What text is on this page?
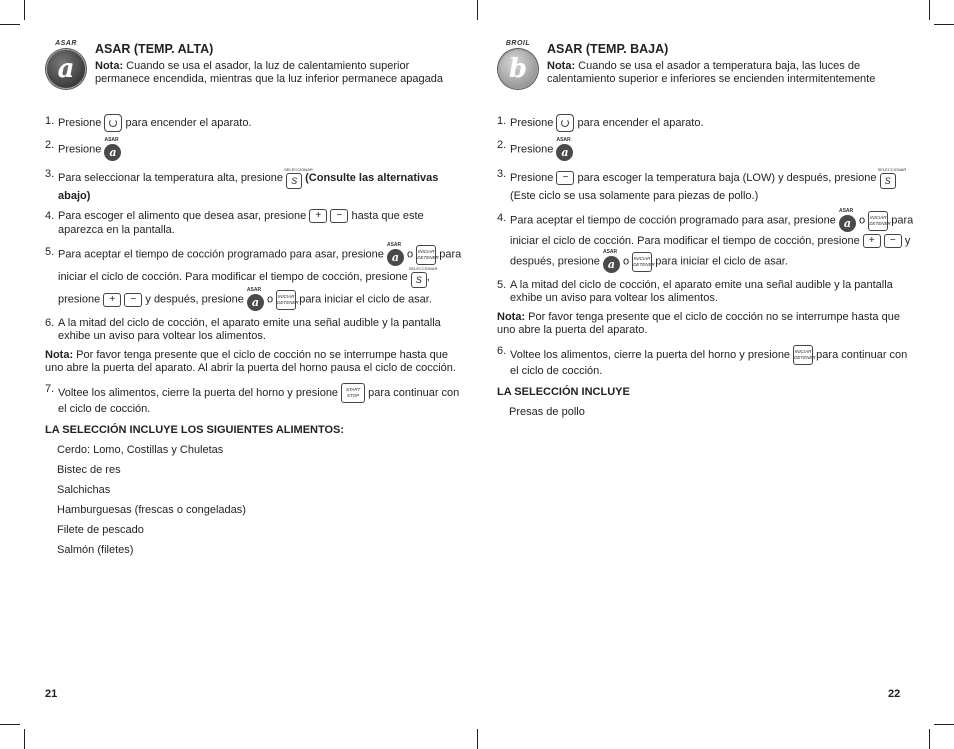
ASAR
a
ASAR (TEMP. ALTA)
Nota: Cuando se usa el asador, la luz de calentamiento superior permanece encendida, mientras que la luz inferior permanece apagada
1. Presione  para encender el aparato.
2. Presione ASAR a
3. Para seleccionar la temperatura alta, presione SELECCIONAR S (Consulte las alternativas abajo)
4. Para escoger el alimento que desea asar, presione + − hasta que este aparezca en la pantalla.
5. Para aceptar el tiempo de cocción programado para asar, presione ASAR a o INICIAR
DETENER
para iniciar el ciclo de cocción. Para modificar el tiempo de cocción, presione SELECCIONAR S , presione + − y después, presione ASAR a o INICIAR
DETENER
para iniciar el ciclo de asar.
6. A la mitad del ciclo de cocción, el aparato emite una señal audible y la pantalla exhibe un aviso para voltear los alimentos.
Nota: Por favor tenga presente que el ciclo de cocción no se interrumpe hasta que uno abre la puerta del aparato. Al abrir la puerta del horno pausa el ciclo de cocción.
7. Voltee los alimentos, cierre la puerta del horno y presione	START
STOP para continuar con el ciclo de cocción.
LA SELECCIÓN INCLUYE LOS SIGUIENTES ALIMENTOS:
Cerdo: Lomo, Costillas y Chuletas
Bistec de res
Salchichas
Hamburguesas (frescas o congeladas)
Filete de pescado
Salmón (filetes)
21
BROIL
b
ASAR (TEMP. BAJA)
Nota: Cuando se usa el asador a temperatura baja, las luces de calentamiento superior e inferiores se encienden intermitentemente
1. Presione  para encender el aparato.
2. Presione ASAR a
3. Presione − para escoger la temperatura baja (LOW) y después, presione SELECCIONAR S (Este ciclo se usa solamente para piezas de pollo.)
4. Para aceptar el tiempo de cocción programado para asar, presione ASAR a o INICIAR
DETENER
para iniciar el ciclo de cocción. Para modificar el tiempo de cocción, presione + − y después, presione ASAR a o INICIAR
DETENER
para iniciar el ciclo de asar.
5. A la mitad del ciclo de cocción, el aparato emite una señal audible y la pantalla exhibe un aviso para voltear los alimentos.
Nota: Por favor tenga presente que el ciclo de cocción no se interrumpe hasta que uno abre la puerta del aparato.
6. Voltee los alimentos, cierre la puerta del horno y presione INICIAR
DETENER
para continuar con el ciclo de cocción.
LA SELECCIÓN INCLUYE
Presas de pollo
22
